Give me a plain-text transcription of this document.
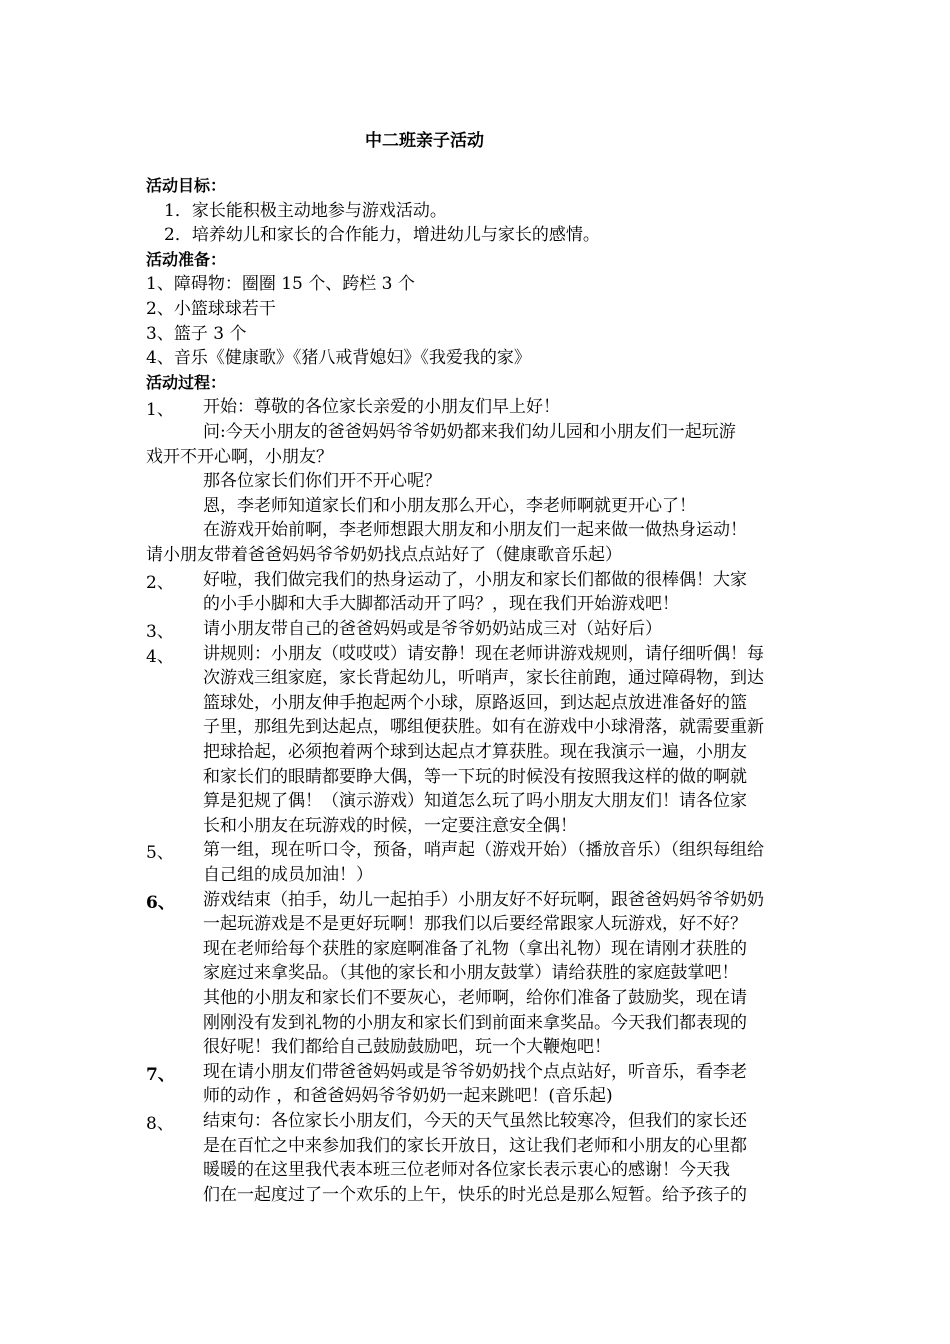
中二班亲子活动
活动目标：
1．家长能积极主动地参与游戏活动。
2．培养幼儿和家长的合作能力，增进幼儿与家长的感情。
活动准备：
1、障碍物：圈圈 15 个、跨栏 3 个
2、小篮球球若干
3、篮子 3 个
4、音乐《健康歌》《猪八戒背媳妇》《我爱我的家》
活动过程：
1、	开始：尊敬的各位家长亲爱的小朋友们早上好！
问:今天小朋友的爸爸妈妈爷爷奶奶都来我们幼儿园和小朋友们一起玩游
戏开不开心啊，小朋友？
那各位家长们你们开不开心呢？
恩，李老师知道家长们和小朋友那么开心，李老师啊就更开心了！
在游戏开始前啊，李老师想跟大朋友和小朋友们一起来做一做热身运动！
请小朋友带着爸爸妈妈爷爷奶奶找点点站好了（健康歌音乐起）
2、	好啦，我们做完我们的热身运动了，小朋友和家长们都做的很棒偶！大家
的小手小脚和大手大脚都活动开了吗？，现在我们开始游戏吧！
3、	请小朋友带自己的爸爸妈妈或是爷爷奶奶站成三对（站好后）
4、	讲规则：小朋友（哎哎哎）请安静！现在老师讲游戏规则，请仔细听偶！每
次游戏三组家庭，家长背起幼儿，听哨声，家长往前跑，通过障碍物，到达
篮球处，小朋友伸手抱起两个小球，原路返回，到达起点放进准备好的篮
子里，那组先到达起点，哪组便获胜。如有在游戏中小球滑落，就需要重新
把球拾起，必须抱着两个球到达起点才算获胜。现在我演示一遍，小朋友
和家长们的眼睛都要睁大偶，等一下玩的时候没有按照我这样的做的啊就
算是犯规了偶！（演示游戏）知道怎么玩了吗小朋友大朋友们！请各位家
长和小朋友在玩游戏的时候，一定要注意安全偶！
5、	第一组，现在听口令，预备，哨声起（游戏开始）（播放音乐）（组织每组给
自己组的成员加油！）
6、	游戏结束（拍手，幼儿一起拍手）小朋友好不好玩啊，跟爸爸妈妈爷爷奶奶
一起玩游戏是不是更好玩啊！那我们以后要经常跟家人玩游戏，好不好？
现在老师给每个获胜的家庭啊准备了礼物（拿出礼物）现在请刚才获胜的
家庭过来拿奖品。（其他的家长和小朋友鼓掌）请给获胜的家庭鼓掌吧！
其他的小朋友和家长们不要灰心，老师啊，给你们准备了鼓励奖，现在请
刚刚没有发到礼物的小朋友和家长们到前面来拿奖品。今天我们都表现的
很好呢！我们都给自己鼓励鼓励吧，玩一个大鞭炮吧！
7、	现在请小朋友们带爸爸妈妈或是爷爷奶奶找个点点站好，听音乐，看李老
师的动作 ，和爸爸妈妈爷爷奶奶一起来跳吧！(音乐起)
8、	结束句：各位家长小朋友们，今天的天气虽然比较寒冷，但我们的家长还
是在百忙之中来参加我们的家长开放日，这让我们老师和小朋友的心里都
暖暖的在这里我代表本班三位老师对各位家长表示衷心的感谢！今天我
们在一起度过了一个欢乐的上午，快乐的时光总是那么短暂。给予孩子的
